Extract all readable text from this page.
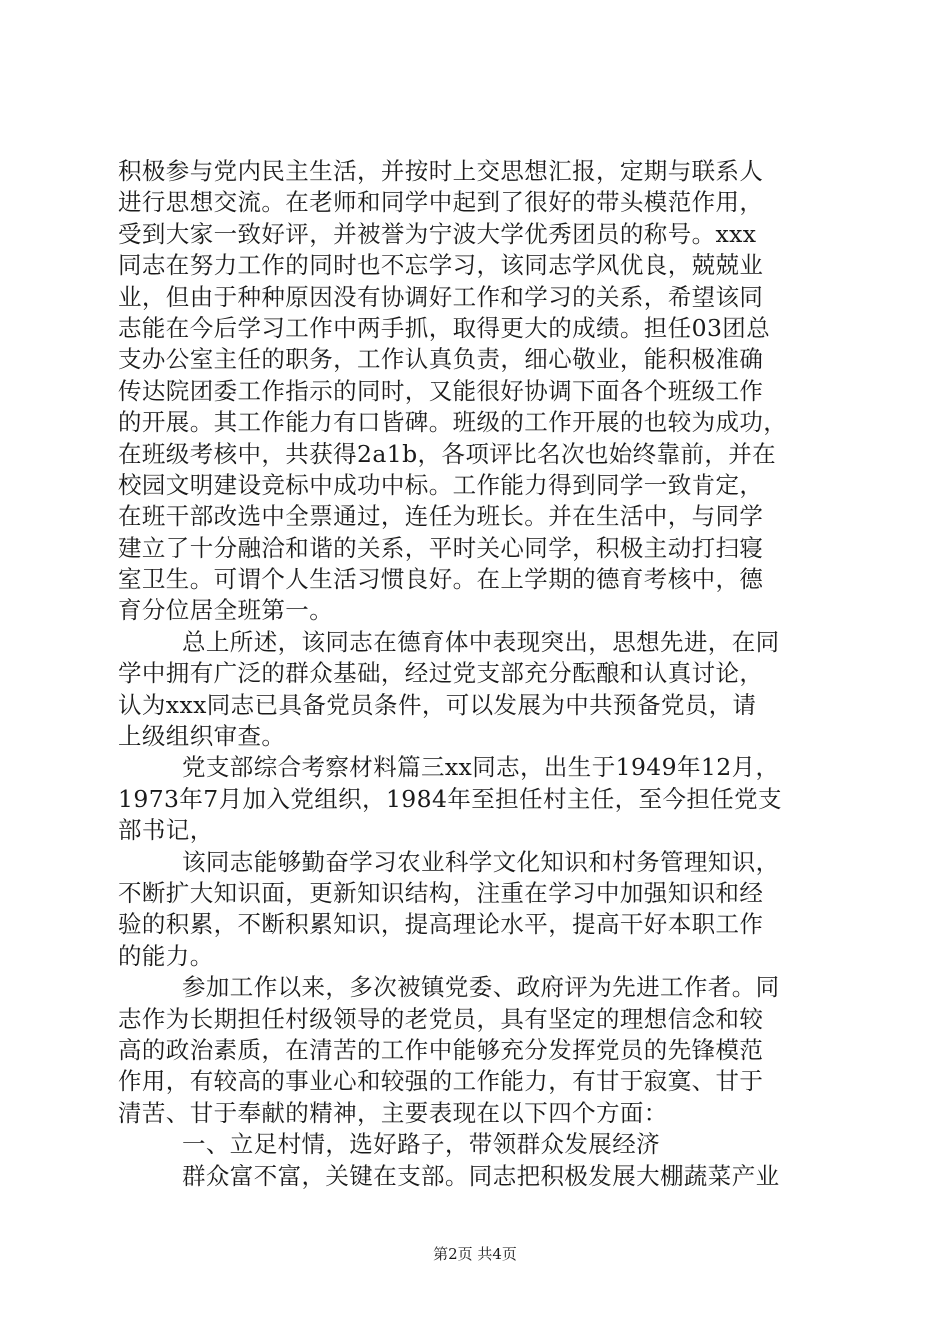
积极参与党内民主生活，并按时上交思想汇报，定期与联系人
进行思想交流。在老师和同学中起到了很好的带头模范作用，
受到大家一致好评，并被誉为宁波大学优秀团员的称号。xxx
同志在努力工作的同时也不忘学习，该同志学风优良，兢兢业
业，但由于种种原因没有协调好工作和学习的关系，希望该同
志能在今后学习工作中两手抓，取得更大的成绩。担任03团总
支办公室主任的职务，工作认真负责，细心敬业，能积极准确
传达院团委工作指示的同时，又能很好协调下面各个班级工作
的开展。其工作能力有口皆碑。班级的工作开展的也较为成功，
在班级考核中，共获得2a1b，各项评比名次也始终靠前，并在
校园文明建设竞标中成功中标。工作能力得到同学一致肯定，
在班干部改选中全票通过，连任为班长。并在生活中，与同学
建立了十分融洽和谐的关系，平时关心同学，积极主动打扫寝
室卫生。可谓个人生活习惯良好。在上学期的德育考核中，德
育分位居全班第一。
总上所述，该同志在德育体中表现突出，思想先进，在同
学中拥有广泛的群众基础，经过党支部充分酝酿和认真讨论，
认为xxx同志已具备党员条件，可以发展为中共预备党员，请
上级组织审查。
党支部综合考察材料篇三xx同志，出生于1949年12月，
1973年7月加入党组织，1984年至担任村主任，至今担任党支
部书记，
该同志能够勤奋学习农业科学文化知识和村务管理知识，
不断扩大知识面，更新知识结构，注重在学习中加强知识和经
验的积累，不断积累知识，提高理论水平，提高干好本职工作
的能力。
参加工作以来，多次被镇党委、政府评为先进工作者。同
志作为长期担任村级领导的老党员，具有坚定的理想信念和较
高的政治素质，在清苦的工作中能够充分发挥党员的先锋模范
作用，有较高的事业心和较强的工作能力，有甘于寂寞、甘于
清苦、甘于奉献的精神，主要表现在以下四个方面：
一、立足村情，选好路子，带领群众发展经济
群众富不富，关键在支部。同志把积极发展大棚蔬菜产业
第2页 共4页
